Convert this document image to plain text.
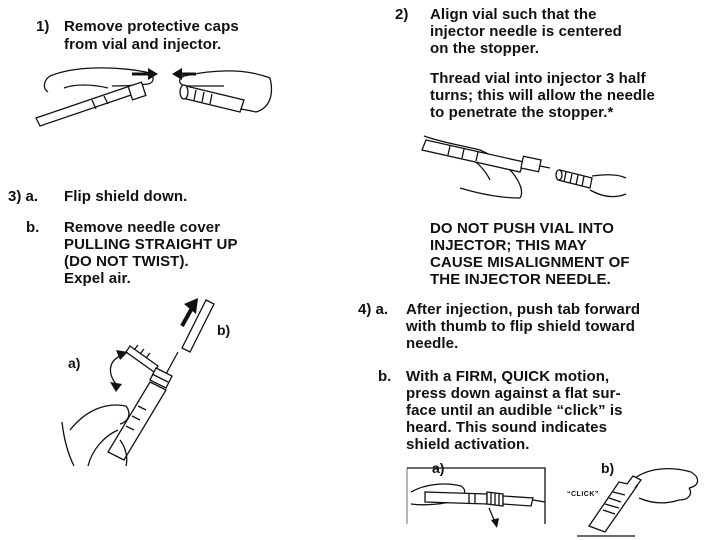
1) Remove protective caps
from vial and injector.
2) Align vial such that the
injector needle is centered
on the stopper.
Thread vial into injector 3 half
turns; this will allow the needle
to penetrate the stopper.*
DO NOT PUSH VIAL INTO
INJECTOR; THIS MAY
CAUSE MISALIGNMENT OF
THE INJECTOR NEEDLE.
3) a. Flip shield down.
b. Remove needle cover
PULLING STRAIGHT UP
(DO NOT TWIST).
Expel air.
b)
a)
4) a. After injection, push tab forward
with thumb to flip shield toward
needle.
b. With a FIRM, QUICK motion,
press down against a flat sur-
face until an audible “click” is
heard. This sound indicates
shield activation.
a)	b)
“CLICK”
